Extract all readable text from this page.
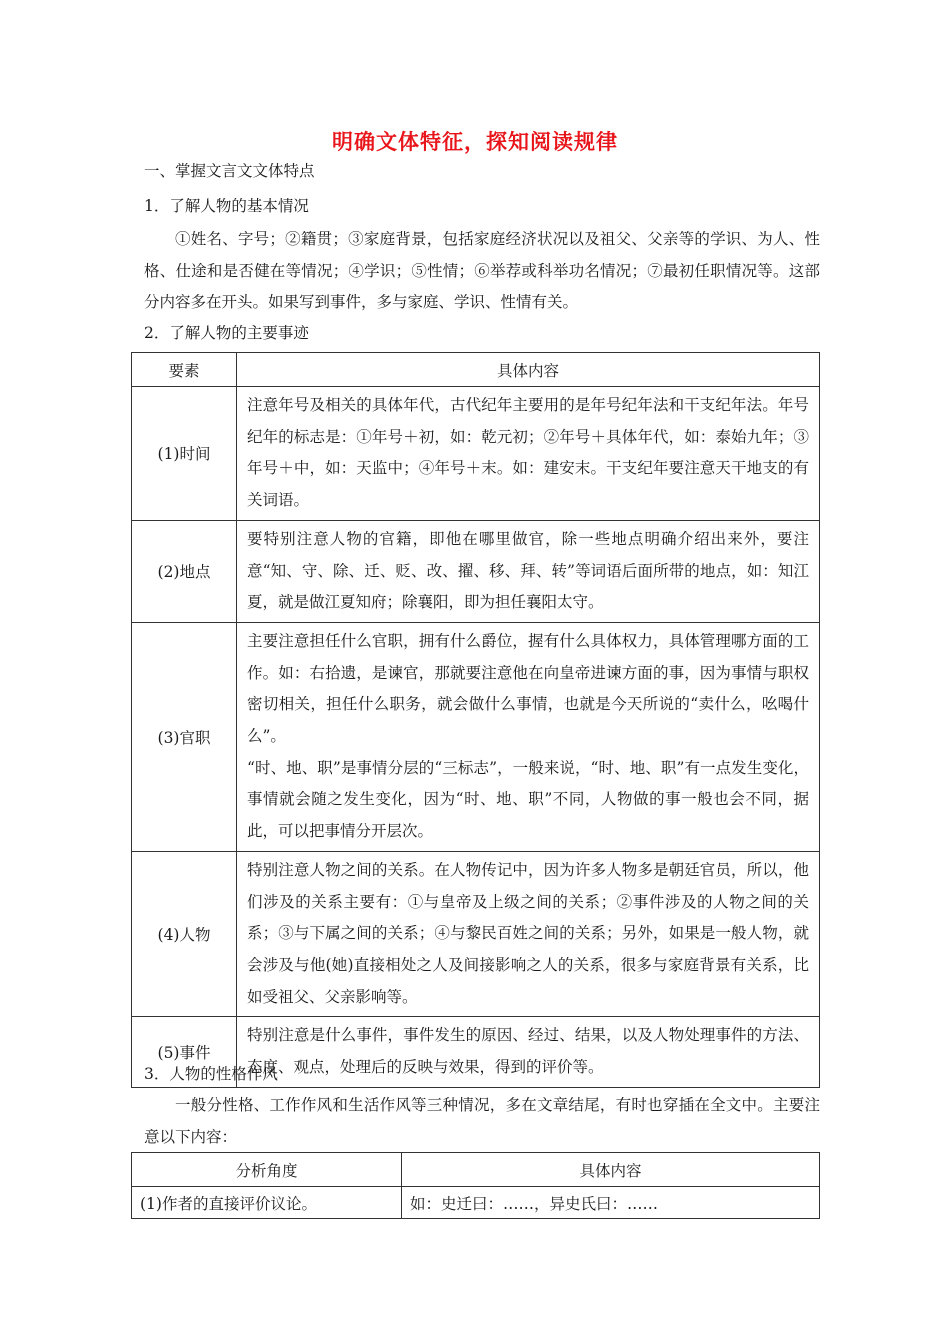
明确文体特征，探知阅读规律
一、掌握文言文文体特点
1．了解人物的基本情况
①姓名、字号；②籍贯；③家庭背景，包括家庭经济状况以及祖父、父亲等的学识、为人、性格、仕途和是否健在等情况；④学识；⑤性情；⑥举荐或科举功名情况；⑦最初任职情况等。这部分内容多在开头。如果写到事件，多与家庭、学识、性情有关。
2．了解人物的主要事迹
要素	具体内容
(1)时间	注意年号及相关的具体年代，古代纪年主要用的是年号纪年法和干支纪年法。年号纪年的标志是：①年号＋初，如：乾元初；②年号＋具体年代，如：泰始九年；③年号＋中，如：天监中；④年号＋末。如：建安末。干支纪年要注意天干地支的有关词语。
(2)地点	要特别注意人物的官籍，即他在哪里做官，除一些地点明确介绍出来外，要注意“知、守、除、迁、贬、改、擢、移、拜、转”等词语后面所带的地点，如：知江夏，就是做江夏知府；除襄阳，即为担任襄阳太守。
(3)官职	主要注意担任什么官职，拥有什么爵位，握有什么具体权力，具体管理哪方面的工作。如：右拾遗，是谏官，那就要注意他在向皇帝进谏方面的事，因为事情与职权密切相关，担任什么职务，就会做什么事情，也就是今天所说的“卖什么，吆喝什么”。
“时、地、职”是事情分层的“三标志”，一般来说，“时、地、职”有一点发生变化，事情就会随之发生变化，因为“时、地、职”不同，人物做的事一般也会不同，据此，可以把事情分开层次。

(4)人物	特别注意人物之间的关系。在人物传记中，因为许多人物多是朝廷官员，所以，他们涉及的关系主要有：①与皇帝及上级之间的关系；②事件涉及的人物之间的关系；③与下属之间的关系；④与黎民百姓之间的关系；另外，如果是一般人物，就会涉及与他(她)直接相处之人及间接影响之人的关系，很多与家庭背景有关系，比如受祖父、父亲影响等。
(5)事件	特别注意是什么事件，事件发生的原因、经过、结果，以及人物处理事件的方法、态度、观点，处理后的反映与效果，得到的评价等。
3．人物的性格作风
一般分性格、工作作风和生活作风等三种情况，多在文章结尾，有时也穿插在全文中。主要注意以下内容：
分析角度	具体内容
(1)作者的直接评价议论。	如：史迁曰：……，异史氏曰：……
